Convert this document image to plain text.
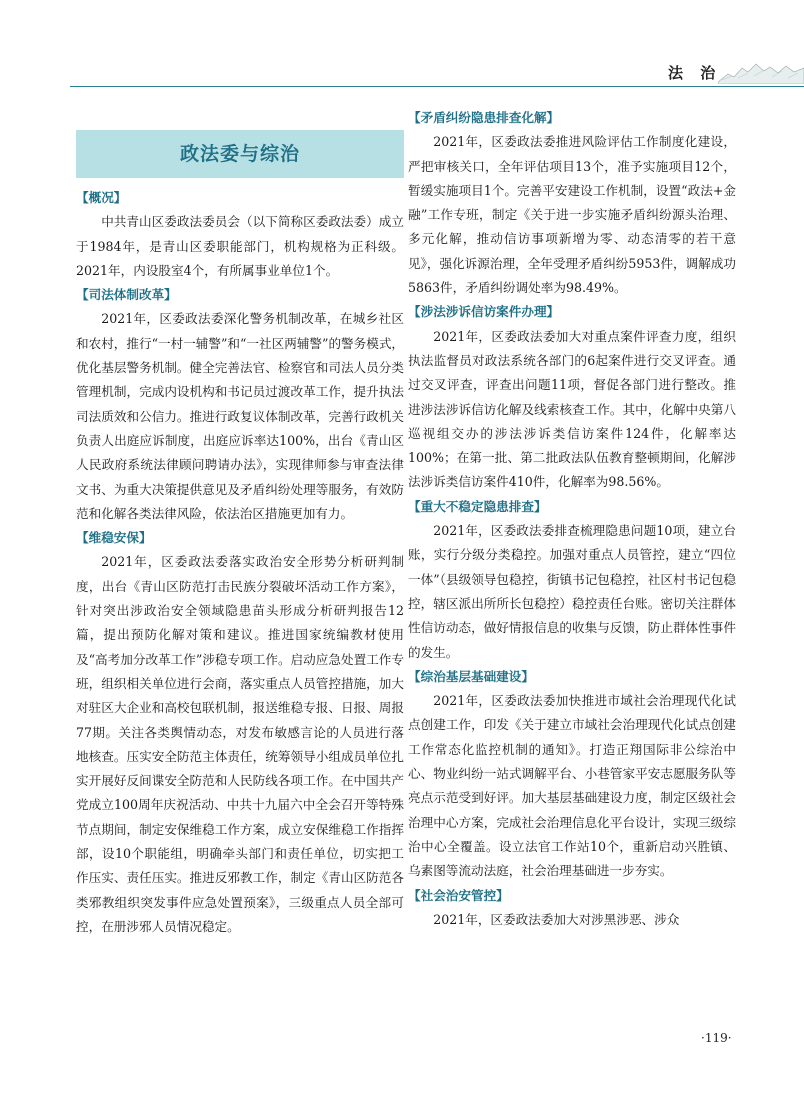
法 治
政法委与综治

【概况】

中共青山区委政法委员会（以下简称区委政法委）成立于1984年，是青山区委职能部门，机构规格为正科级。2021年，内设股室4个，有所属事业单位1个。

【司法体制改革】

2021年，区委政法委深化警务机制改革，在城乡社区和农村，推行“一村一辅警”和“一社区两辅警”的警务模式，优化基层警务机制。健全完善法官、检察官和司法人员分类管理机制，完成内设机构和书记员过渡改革工作，提升执法司法质效和公信力。推进行政复议体制改革，完善行政机关负责人出庭应诉制度，出庭应诉率达100%，出台《青山区人民政府系统法律顾问聘请办法》，实现律师参与审查法律文书、为重大决策提供意见及矛盾纠纷处理等服务，有效防范和化解各类法律风险，依法治区措施更加有力。

【维稳安保】

2021年，区委政法委落实政治安全形势分析研判制度，出台《青山区防范打击民族分裂破坏活动工作方案》，针对突出涉政治安全领域隐患苗头形成分析研判报告12篇，提出预防化解对策和建议。推进国家统编教材使用及“高考加分改革工作”涉稳专项工作。启动应急处置工作专班，组织相关单位进行会商，落实重点人员管控措施，加大对驻区大企业和高校包联机制，报送维稳专报、日报、周报77期。关注各类舆情动态，对发布敏感言论的人员进行落地核查。压实安全防范主体责任，统筹领导小组成员单位扎实开展好反间谍安全防范和人民防线各项工作。在中国共产党成立100周年庆祝活动、中共十九届六中全会召开等特殊节点期间，制定安保维稳工作方案，成立安保维稳工作指挥部，设10个职能组，明确牵头部门和责任单位，切实把工作压实、责任压实。推进反邪教工作，制定《青山区防范各类邪教组织突发事件应急处置预案》，三级重点人员全部可控，在册涉邪人员情况稳定。

【矛盾纠纷隐患排查化解】

2021年，区委政法委推进风险评估工作制度化建设，严把审核关口，全年评估项目13个，准予实施项目12个，暂缓实施项目1个。完善平安建设工作机制，设置“政法+金融”工作专班，制定《关于进一步实施矛盾纠纷源头治理、多元化解，推动信访事项新增为零、动态清零的若干意见》，强化诉源治理，全年受理矛盾纠纷5953件，调解成功5863件，矛盾纠纷调处率为98.49%。

【涉法涉诉信访案件办理】

2021年，区委政法委加大对重点案件评查力度，组织执法监督员对政法系统各部门的6起案件进行交叉评查。通过交叉评查，评查出问题11项，督促各部门进行整改。推进涉法涉诉信访化解及线索核查工作。其中，化解中央第八巡视组交办的涉法涉诉类信访案件124件，化解率达100%；在第一批、第二批政法队伍教育整顿期间，化解涉法涉诉类信访案件410件，化解率为98.56%。

【重大不稳定隐患排查】

2021年，区委政法委排查梳理隐患问题10项，建立台账，实行分级分类稳控。加强对重点人员管控，建立“四位一体”（县级领导包稳控，街镇书记包稳控，社区村书记包稳控，辖区派出所所长包稳控）稳控责任台账。密切关注群体性信访动态，做好情报信息的收集与反馈，防止群体性事件的发生。

【综治基层基础建设】

2021年，区委政法委加快推进市域社会治理现代化试点创建工作，印发《关于建立市域社会治理现代化试点创建工作常态化监控机制的通知》。打造正翔国际非公综治中心、物业纠纷一站式调解平台、小巷管家平安志愿服务队等亮点示范受到好评。加大基层基础建设力度，制定区级社会治理中心方案，完成社会治理信息化平台设计，实现三级综治中心全覆盖。设立法官工作站10个，重新启动兴胜镇、乌素图等流动法庭，社会治理基础进一步夯实。

【社会治安管控】

2021年，区委政法委加大对涉黑涉恶、涉众

·119·
